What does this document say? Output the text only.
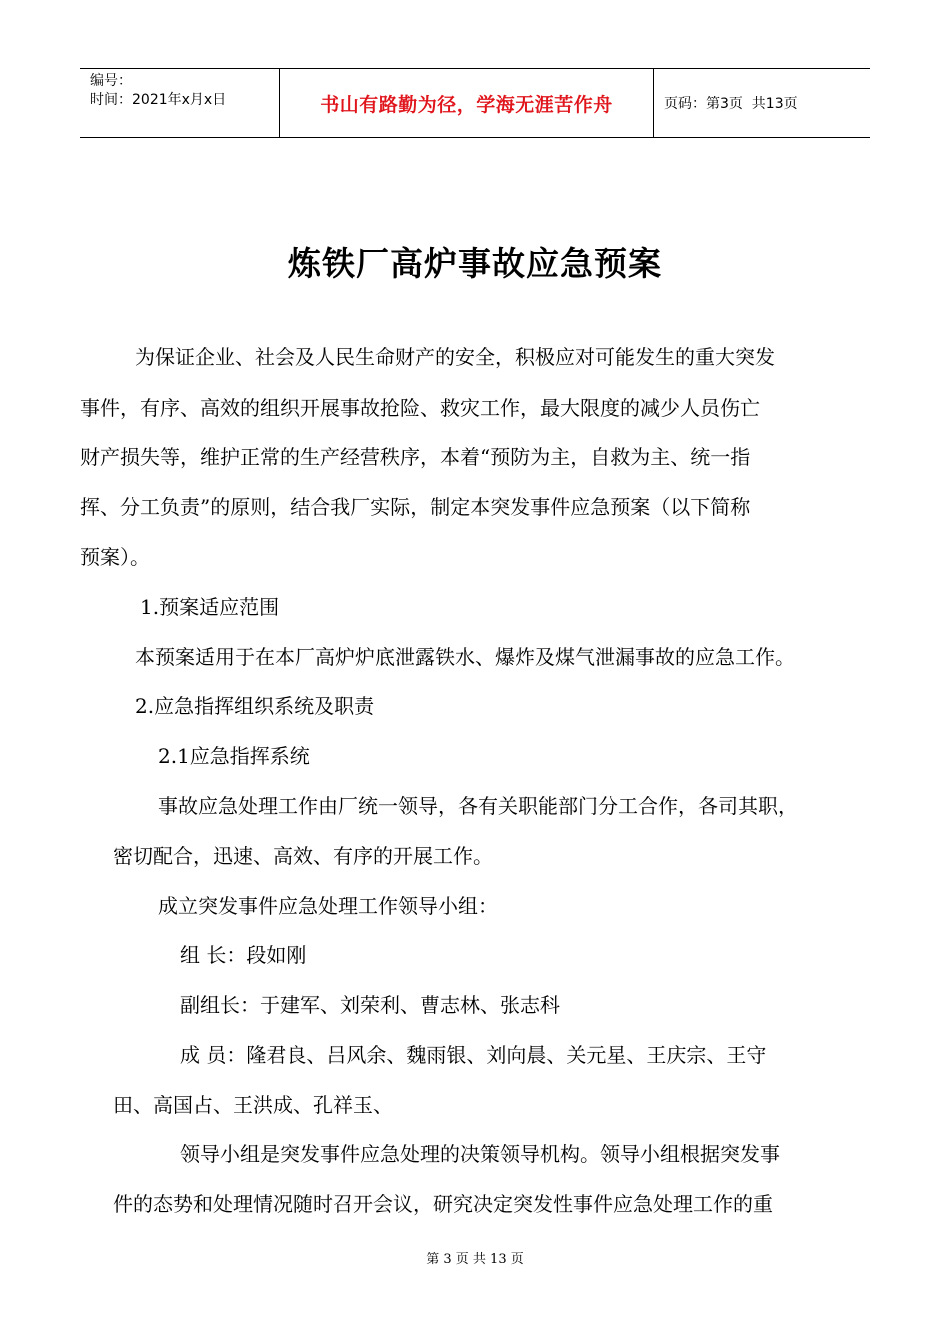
编号：
时间：2021年x月x日	书山有路勤为径，学海无涯苦作舟	页码：第3页  共13页
炼铁厂高炉事故应急预案
为保证企业、社会及人民生命财产的安全，积极应对可能发生的重大突发
事件，有序、高效的组织开展事故抢险、救灾工作，最大限度的减少人员伤亡
财产损失等，维护正常的生产经营秩序，本着“预防为主，自救为主、统一指
挥、分工负责”的原则，结合我厂实际，制定本突发事件应急预案（以下简称
预案）。
1.预案适应范围
本预案适用于在本厂高炉炉底泄露铁水、爆炸及煤气泄漏事故的应急工作。
2.应急指挥组织系统及职责
2.1应急指挥系统
事故应急处理工作由厂统一领导，各有关职能部门分工合作，各司其职，
密切配合，迅速、高效、有序的开展工作。
成立突发事件应急处理工作领导小组：
组 长：段如刚
副组长：于建军、刘荣利、曹志林、张志科
成 员：隆君良、吕风余、魏雨银、刘向晨、关元星、王庆宗、王守
田、高国占、王洪成、孔祥玉、
领导小组是突发事件应急处理的决策领导机构。领导小组根据突发事
件的态势和处理情况随时召开会议，研究决定突发性事件应急处理工作的重
第 3 页 共 13 页
